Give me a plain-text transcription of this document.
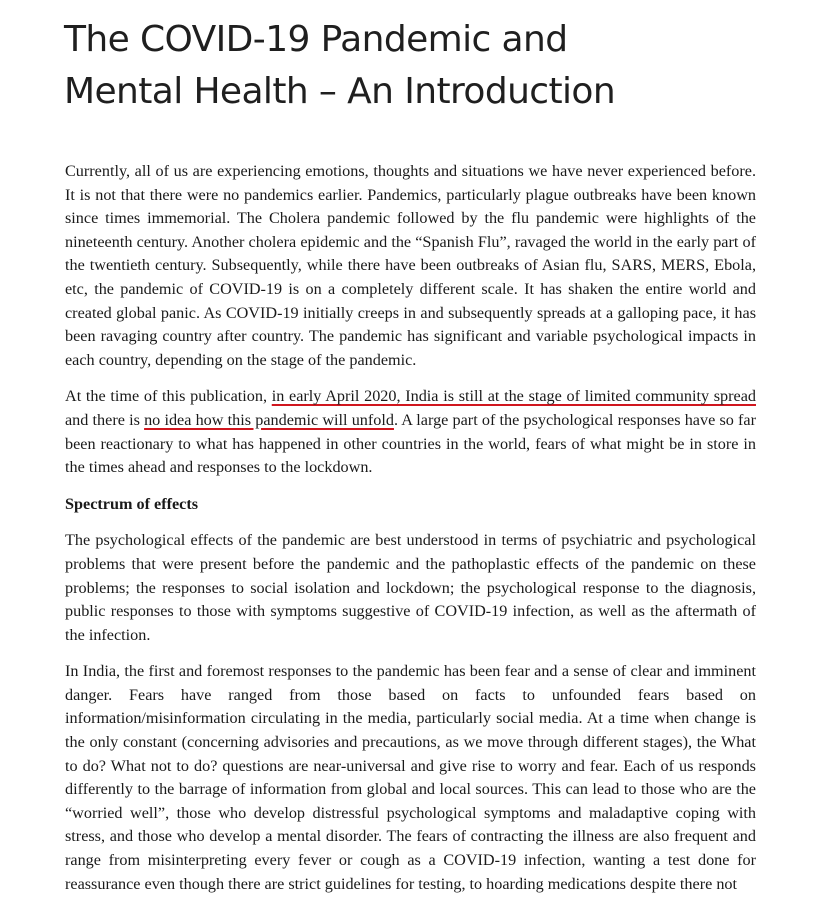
The COVID-19 Pandemic and
Mental Health – An Introduction

Currently, all of us are experiencing emotions, thoughts and situations we have never experienced before. It is not that there were no pandemics earlier. Pandemics, particularly plague outbreaks have been known since times immemorial. The Cholera pandemic followed by the flu pandemic were highlights of the nineteenth century. Another cholera epidemic and the “Spanish Flu”, ravaged the world in the early part of the twentieth century. Subsequently, while there have been outbreaks of Asian flu, SARS, MERS, Ebola, etc, the pandemic of COVID-19 is on a completely different scale. It has shaken the entire world and created global panic. As COVID-19 initially creeps in and subsequently spreads at a galloping pace, it has been ravaging country after country. The pandemic has significant and variable psychological impacts in each country, depending on the stage of the pandemic.

At the time of this publication, in early April 2020, India is still at the stage of limited community spread and there is no idea how this pandemic will unfold. A large part of the psychological responses have so far been reactionary to what has happened in other countries in the world, fears of what might be in store in the times ahead and responses to the lockdown.

Spectrum of effects

The psychological effects of the pandemic are best understood in terms of psychiatric and psychological problems that were present before the pandemic and the pathoplastic effects of the pandemic on these problems; the responses to social isolation and lockdown; the psychological response to the diagnosis, public responses to those with symptoms suggestive of COVID-19 infection, as well as the aftermath of the infection.

In India, the first and foremost responses to the pandemic has been fear and a sense of clear and imminent danger. Fears have ranged from those based on facts to unfounded fears based on information/misinformation circulating in the media, particularly social media. At a time when change is the only constant (concerning advisories and precautions, as we move through different stages), the What to do? What not to do? questions are near-universal and give rise to worry and fear. Each of us responds differently to the barrage of information from global and local sources. This can lead to those who are the “worried well”, those who develop distressful psychological symptoms and maladaptive coping with stress, and those who develop a mental disorder. The fears of contracting the illness are also frequent and range from misinterpreting every fever or cough as a COVID-19 infection, wanting a test done for reassurance even though there are strict guidelines for testing, to hoarding medications despite there not
